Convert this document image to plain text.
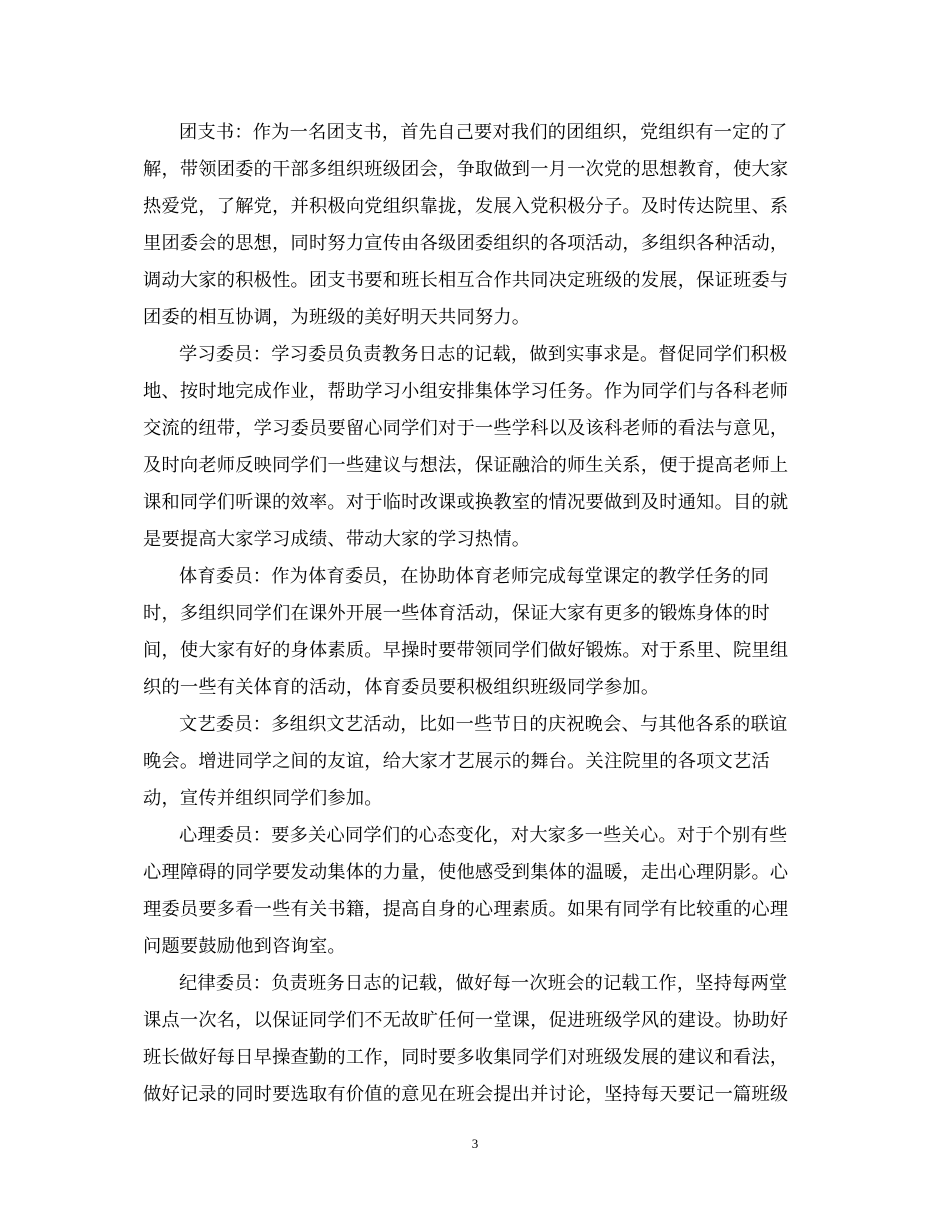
团支书：作为一名团支书，首先自己要对我们的团组织，党组织有一定的了
解，带领团委的干部多组织班级团会，争取做到一月一次党的思想教育，使大家
热爱党，了解党，并积极向党组织靠拢，发展入党积极分子。及时传达院里、系
里团委会的思想，同时努力宣传由各级团委组织的各项活动，多组织各种活动，
调动大家的积极性。团支书要和班长相互合作共同决定班级的发展，保证班委与
团委的相互协调，为班级的美好明天共同努力。
学习委员：学习委员负责教务日志的记载，做到实事求是。督促同学们积极
地、按时地完成作业，帮助学习小组安排集体学习任务。作为同学们与各科老师
交流的纽带，学习委员要留心同学们对于一些学科以及该科老师的看法与意见，
及时向老师反映同学们一些建议与想法，保证融洽的师生关系，便于提高老师上
课和同学们听课的效率。对于临时改课或换教室的情况要做到及时通知。目的就
是要提高大家学习成绩、带动大家的学习热情。
体育委员：作为体育委员，在协助体育老师完成每堂课定的教学任务的同
时，多组织同学们在课外开展一些体育活动，保证大家有更多的锻炼身体的时
间，使大家有好的身体素质。早操时要带领同学们做好锻炼。对于系里、院里组
织的一些有关体育的活动，体育委员要积极组织班级同学参加。
文艺委员：多组织文艺活动，比如一些节日的庆祝晚会、与其他各系的联谊
晚会。增进同学之间的友谊，给大家才艺展示的舞台。关注院里的各项文艺活
动，宣传并组织同学们参加。
心理委员：要多关心同学们的心态变化，对大家多一些关心。对于个别有些
心理障碍的同学要发动集体的力量，使他感受到集体的温暖，走出心理阴影。心
理委员要多看一些有关书籍，提高自身的心理素质。如果有同学有比较重的心理
问题要鼓励他到咨询室。
纪律委员：负责班务日志的记载，做好每一次班会的记载工作，坚持每两堂
课点一次名，以保证同学们不无故旷任何一堂课，促进班级学风的建设。协助好
班长做好每日早操查勤的工作，同时要多收集同学们对班级发展的建议和看法，
做好记录的同时要选取有价值的意见在班会提出并讨论，坚持每天要记一篇班级
3
